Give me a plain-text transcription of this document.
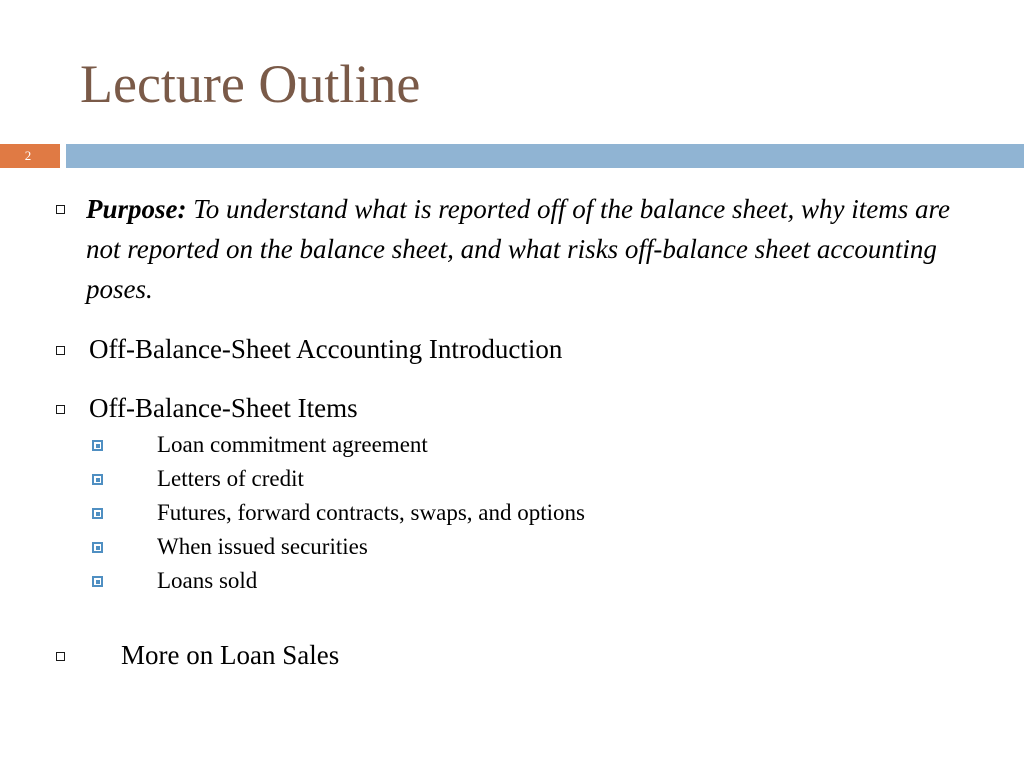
Lecture Outline
2
Purpose: To understand what is reported off of the balance sheet, why items are not reported on the balance sheet, and what risks off-balance sheet accounting poses.
Off-Balance-Sheet Accounting Introduction
Off-Balance-Sheet Items
Loan commitment agreement
Letters of credit
Futures, forward contracts, swaps, and options
When issued securities
Loans sold
More on Loan Sales
